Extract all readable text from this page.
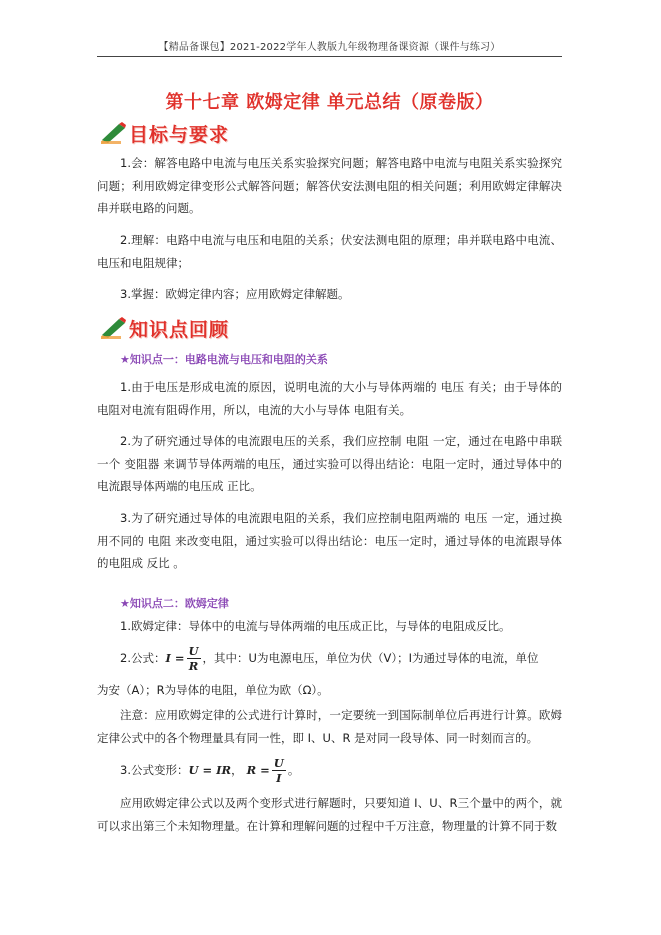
【精品备课包】2021-2022学年人教版九年级物理备课资源（课件与练习）
第十七章 欧姆定律 单元总结（原卷版）
目标与要求

1.会：解答电路中电流与电压关系实验探究问题；解答电路中电流与电阻关系实验探究问题；利用欧姆定律变形公式解答问题；解答伏安法测电阻的相关问题；利用欧姆定律解决串并联电路的问题。

2.理解：电路中电流与电压和电阻的关系；伏安法测电阻的原理；串并联电路中电流、电压和电阻规律；

3.掌握：欧姆定律内容；应用欧姆定律解题。

知识点回顾
★知识点一：电路电流与电压和电阻的关系

1.由于电压是形成电流的原因，说明电流的大小与导体两端的 电压 有关；由于导体的电阻对电流有阻碍作用，所以，电流的大小与导体 电阻有关。

2.为了研究通过导体的电流跟电压的关系，我们应控制 电阻 一定，通过在电路中串联一个 变阻器 来调节导体两端的电压，通过实验可以得出结论：电阻一定时，通过导体中的电流跟导体两端的电压成 正比。

3.为了研究通过导体的电流跟电阻的关系，我们应控制电阻两端的 电压 一定，通过换用不同的 电阻 来改变电阻，通过实验可以得出结论：电压一定时，通过导体的电流跟导体的电阻成 反比 。

★知识点二：欧姆定律

1.欧姆定律：导体中的电流与导体两端的电压成正比，与导体的电阻成反比。

2.公式： $I = \frac{U}{R}$ ，其中：U为电源电压，单位为伏（V）；I为通过导体的电流，单位
为安（A）；R为导体的电阻，单位为欧（Ω）。

注意：应用欧姆定律的公式进行计算时，一定要统一到国际制单位后再进行计算。欧姆定律公式中的各个物理量具有同一性，即 I、U、R 是对同一段导体、同一时刻而言的。

3.公式变形： U = IR ， $R = \frac{U}{I}$ 。

应用欧姆定律公式以及两个变形式进行解题时，只要知道 I、U、R三个量中的两个，就可以求出第三个未知物理量。在计算和理解问题的过程中千万注意，物理量的计算不同于数
